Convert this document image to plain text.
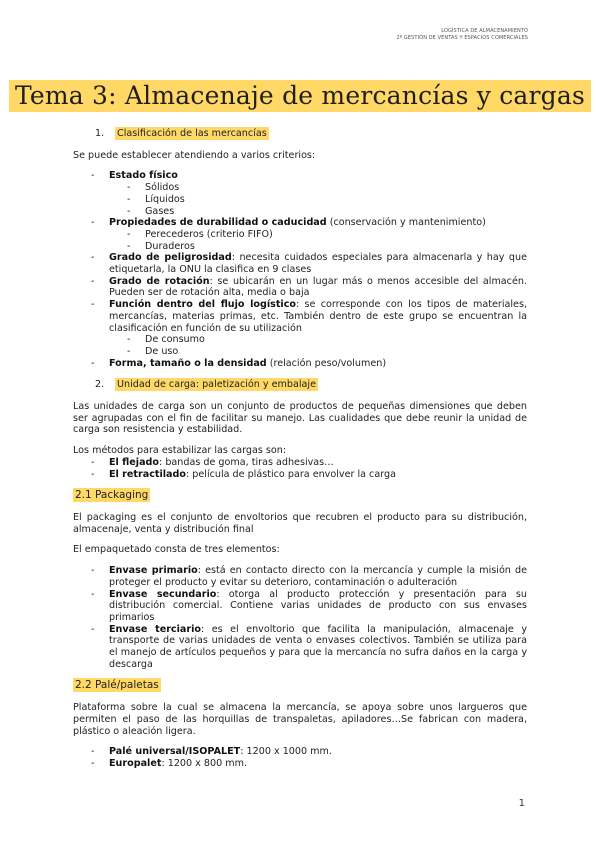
LOGÍSTICA DE ALMACENAMIENTO
2º GESTIÓN DE VENTAS Y ESPACIOS COMERCIALES
Tema 3: Almacenaje de mercancías y cargas
1. Clasificación de las mercancías

Se puede establecer atendiendo a varios criterios:

- Estado físico
- Sólidos
- Líquidos
- Gases
- Propiedades de durabilidad o caducidad (conservación y mantenimiento)
- Perecederos (criterio FIFO)
- Duraderos
- Grado de peligrosidad: necesita cuidados especiales para almacenarla y hay que etiquetarla, la ONU la clasifica en 9 clases
- Grado de rotación: se ubicarán en un lugar más o menos accesible del almacén. Pueden ser de rotación alta, media o baja
- Función dentro del flujo logístico: se corresponde con los tipos de materiales, mercancías, materias primas, etc. También dentro de este grupo se encuentran la clasificación en función de su utilización
- De consumo
- De uso
- Forma, tamaño o la densidad (relación peso/volumen)
2. Unidad de carga: paletización y embalaje

Las unidades de carga son un conjunto de productos de pequeñas dimensiones que deben ser agrupadas con el fin de facilitar su manejo. Las cualidades que debe reunir la unidad de carga son resistencia y estabilidad.

Los métodos para estabilizar las cargas son:

- El flejado: bandas de goma, tiras adhesivas…
- El retractilado: película de plástico para envolver la carga
2.1 Packaging

El packaging es el conjunto de envoltorios que recubren el producto para su distribución, almacenaje, venta y distribución final

El empaquetado consta de tres elementos:

- Envase primario: está en contacto directo con la mercancía y cumple la misión de proteger el producto y evitar su deterioro, contaminación o adulteración
- Envase secundario: otorga al producto protección y presentación para su distribución comercial. Contiene varias unidades de producto con sus envases primarios
- Envase terciario: es el envoltorio que facilita la manipulación, almacenaje y transporte de varias unidades de venta o envases colectivos. También se utiliza para el manejo de artículos pequeños y para que la mercancía no sufra daños en la carga y descarga
2.2 Palé/paletas

Plataforma sobre la cual se almacena la mercancía, se apoya sobre unos largueros que permiten el paso de las horquillas de transpaletas, apiladores…Se fabrican con madera, plástico o aleación ligera.

- Palé universal/ISOPALET: 1200 x 1000 mm.
- Europalet: 1200 x 800 mm.
1
